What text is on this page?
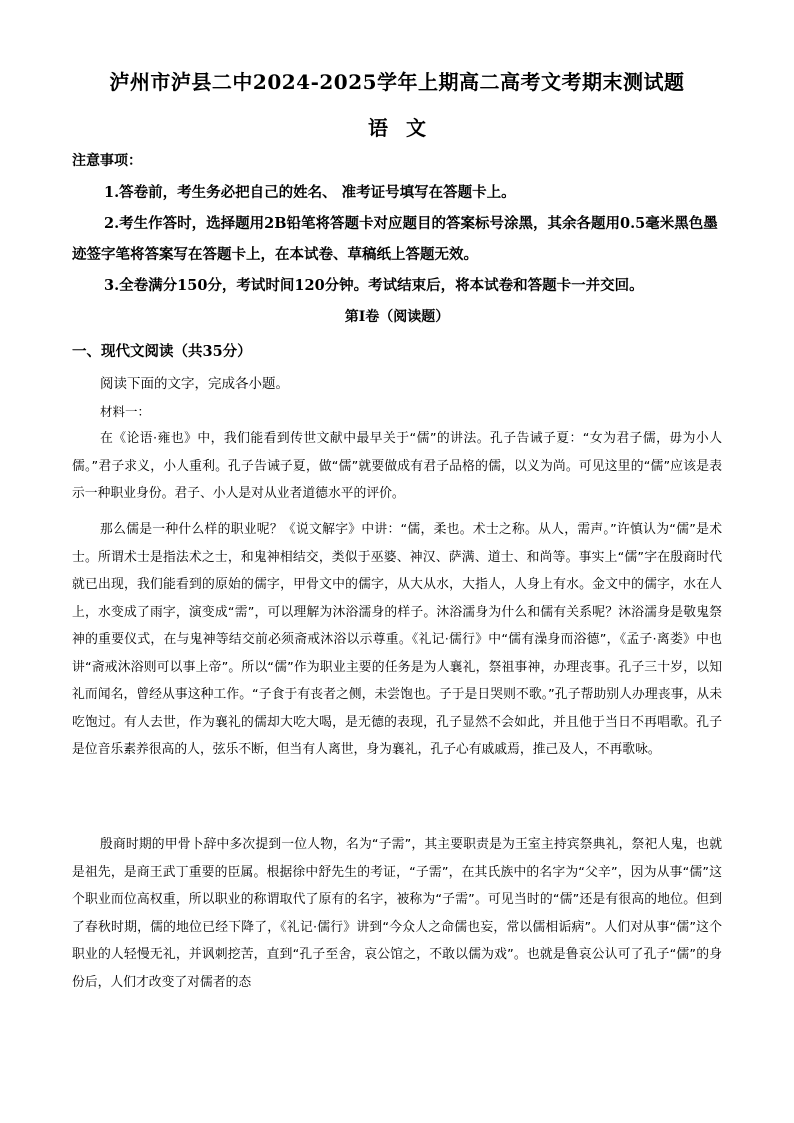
泸州市泸县二中2024-2025学年上期高二高考文考期末测试题
语文
注意事项：
1.答卷前，考生务必把自己的姓名、 准考证号填写在答题卡上。
2.考生作答时，选择题用2B铅笔将答题卡对应题目的答案标号涂黑，其余各题用0.5毫米黑色墨迹签字笔将答案写在答题卡上，在本试卷、草稿纸上答题无效。
3.全卷满分150分，考试时间120分钟。考试结束后，将本试卷和答题卡一并交回。
第Ⅰ卷（阅读题）
一、现代文阅读（共35分）
阅读下面的文字，完成各小题。
材料一：
在《论语·雍也》中，我们能看到传世文献中最早关于“儒”的讲法。孔子告诫子夏：“女为君子儒，毋为小人儒。”君子求义，小人重利。孔子告诫子夏，做“儒”就要做成有君子品格的儒，以义为尚。可见这里的“儒”应该是表示一种职业身份。君子、小人是对从业者道德水平的评价。
那么儒是一种什么样的职业呢？《说文解字》中讲：“儒，柔也。术士之称。从人，需声。”许慎认为“儒”是术士。所谓术士是指法术之士，和鬼神相结交，类似于巫婆、神汉、萨满、道士、和尚等。事实上“儒”字在殷商时代就已出现，我们能看到的原始的儒字，甲骨文中的儒字，从大从水，大指人，人身上有水。金文中的儒字，水在人上，水变成了雨字，演变成“需”，可以理解为沐浴濡身的样子。沐浴濡身为什么和儒有关系呢？沐浴濡身是敬鬼祭神的重要仪式，在与鬼神等结交前必须斋戒沐浴以示尊重。《礼记·儒行》中“儒有澡身而浴德”，《孟子·离娄》中也讲“斋戒沐浴则可以事上帝”。所以“儒”作为职业主要的任务是为人襄礼，祭祖事神，办理丧事。孔子三十岁，以知礼而闻名，曾经从事这种工作。“子食于有丧者之侧，未尝饱也。子于是日哭则不歌。”孔子帮助别人办理丧事，从未吃饱过。有人去世，作为襄礼的儒却大吃大喝，是无德的表现，孔子显然不会如此，并且他于当日不再唱歌。孔子是位音乐素养很高的人，弦乐不断，但当有人离世，身为襄礼，孔子心有戚戚焉，推己及人，不再歌咏。
殷商时期的甲骨卜辞中多次提到一位人物，名为“子需”，其主要职责是为王室主持宾祭典礼，祭祀人鬼，也就是祖先，是商王武丁重要的臣属。根据徐中舒先生的考证，“子需”，在其氏族中的名字为“父辛”，因为从事“儒”这个职业而位高权重，所以职业的称谓取代了原有的名字，被称为“子需”。可见当时的“儒”还是有很高的地位。但到了春秋时期，儒的地位已经下降了，《礼记·儒行》讲到“今众人之命儒也妄，常以儒相诟病”。人们对从事“儒”这个职业的人轻慢无礼，并讽刺挖苦，直到“孔子至舍，哀公馆之，不敢以儒为戏”。也就是鲁哀公认可了孔子“儒”的身份后，人们才改变了对儒者的态
